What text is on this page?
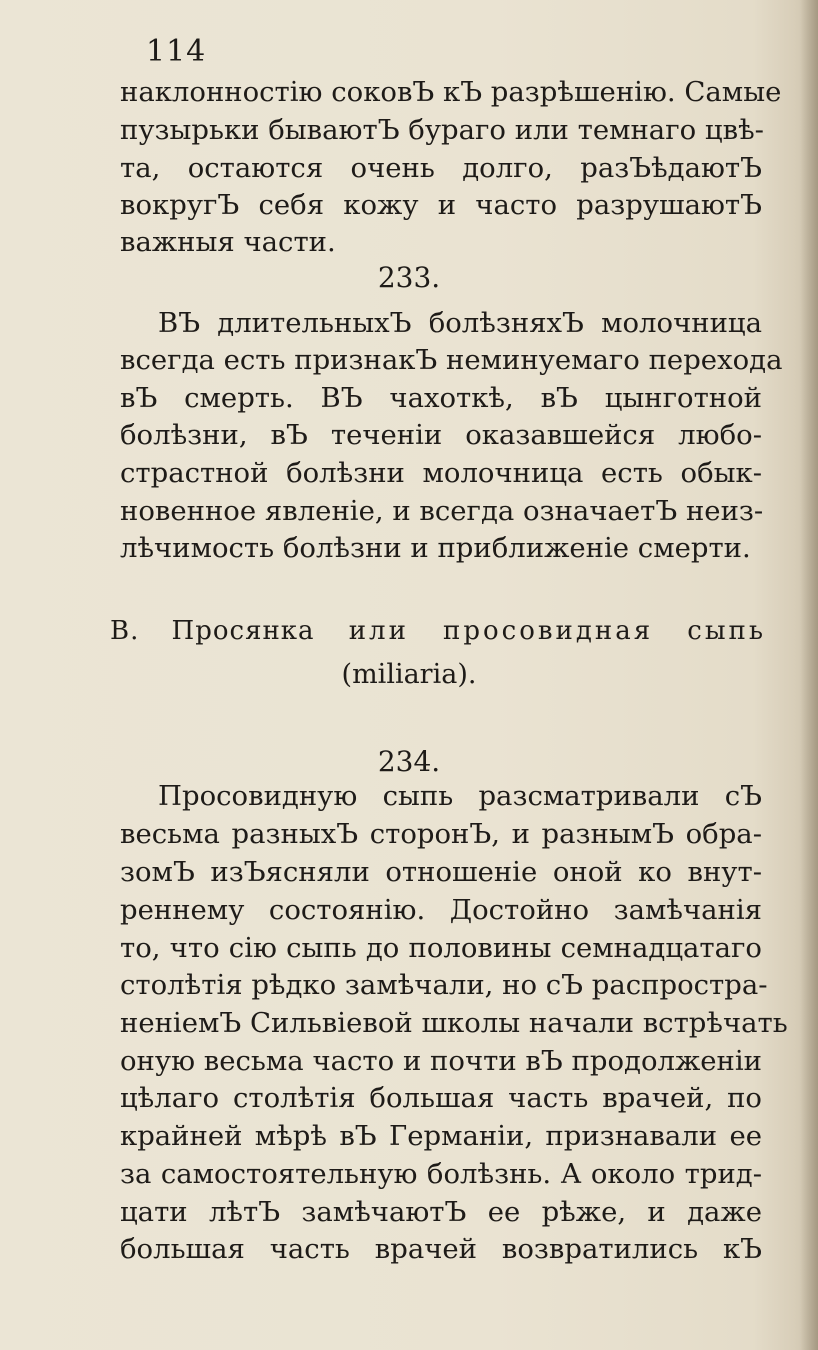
114
наклонностію соковЪ кЪ разрѣшенію. Самые
пузырьки бываютЪ бураго или темнаго цвѣ-
та, остаются очень долго, разЪѣдаютЪ
вокругЪ себя кожу и часто разрушаютЪ
важныя части.
233.
ВЪ длительныхЪ болѣзняхЪ молочница
всегда есть признакЪ неминуемаго перехода
вЪ смерть. ВЪ чахоткѣ, вЪ цынготной
болѣзни, вЪ теченіи оказавшейся любо-
страстной болѣзни молочница есть обык-
новенное явленіе, и всегда означаетЪ неиз-
лѣчимость болѣзни и приближеніе смерти.
В. Просянка или просовидная сыпь
(miliaria).
234.
Просовидную сыпь разсматривали сЪ
весьма разныхЪ сторонЪ, и разнымЪ обра-
зомЪ изЪясняли отношеніе оной ко внут-
реннему состоянію. Достойно замѣчанія
то, что сію сыпь до половины семнадцатаго
столѣтія рѣдко замѣчали, но сЪ распростра-
неніемЪ Сильвіевой школы начали встрѣчать
оную весьма часто и почти вЪ продолженіи
цѣлаго столѣтія большая часть врачей, по
крайней мѣрѣ вЪ Германіи, признавали ее
за самостоятельную болѣзнь. А около трид-
цати лѣтЪ замѣчаютЪ ее рѣже, и даже
большая часть врачей возвратились кЪ
